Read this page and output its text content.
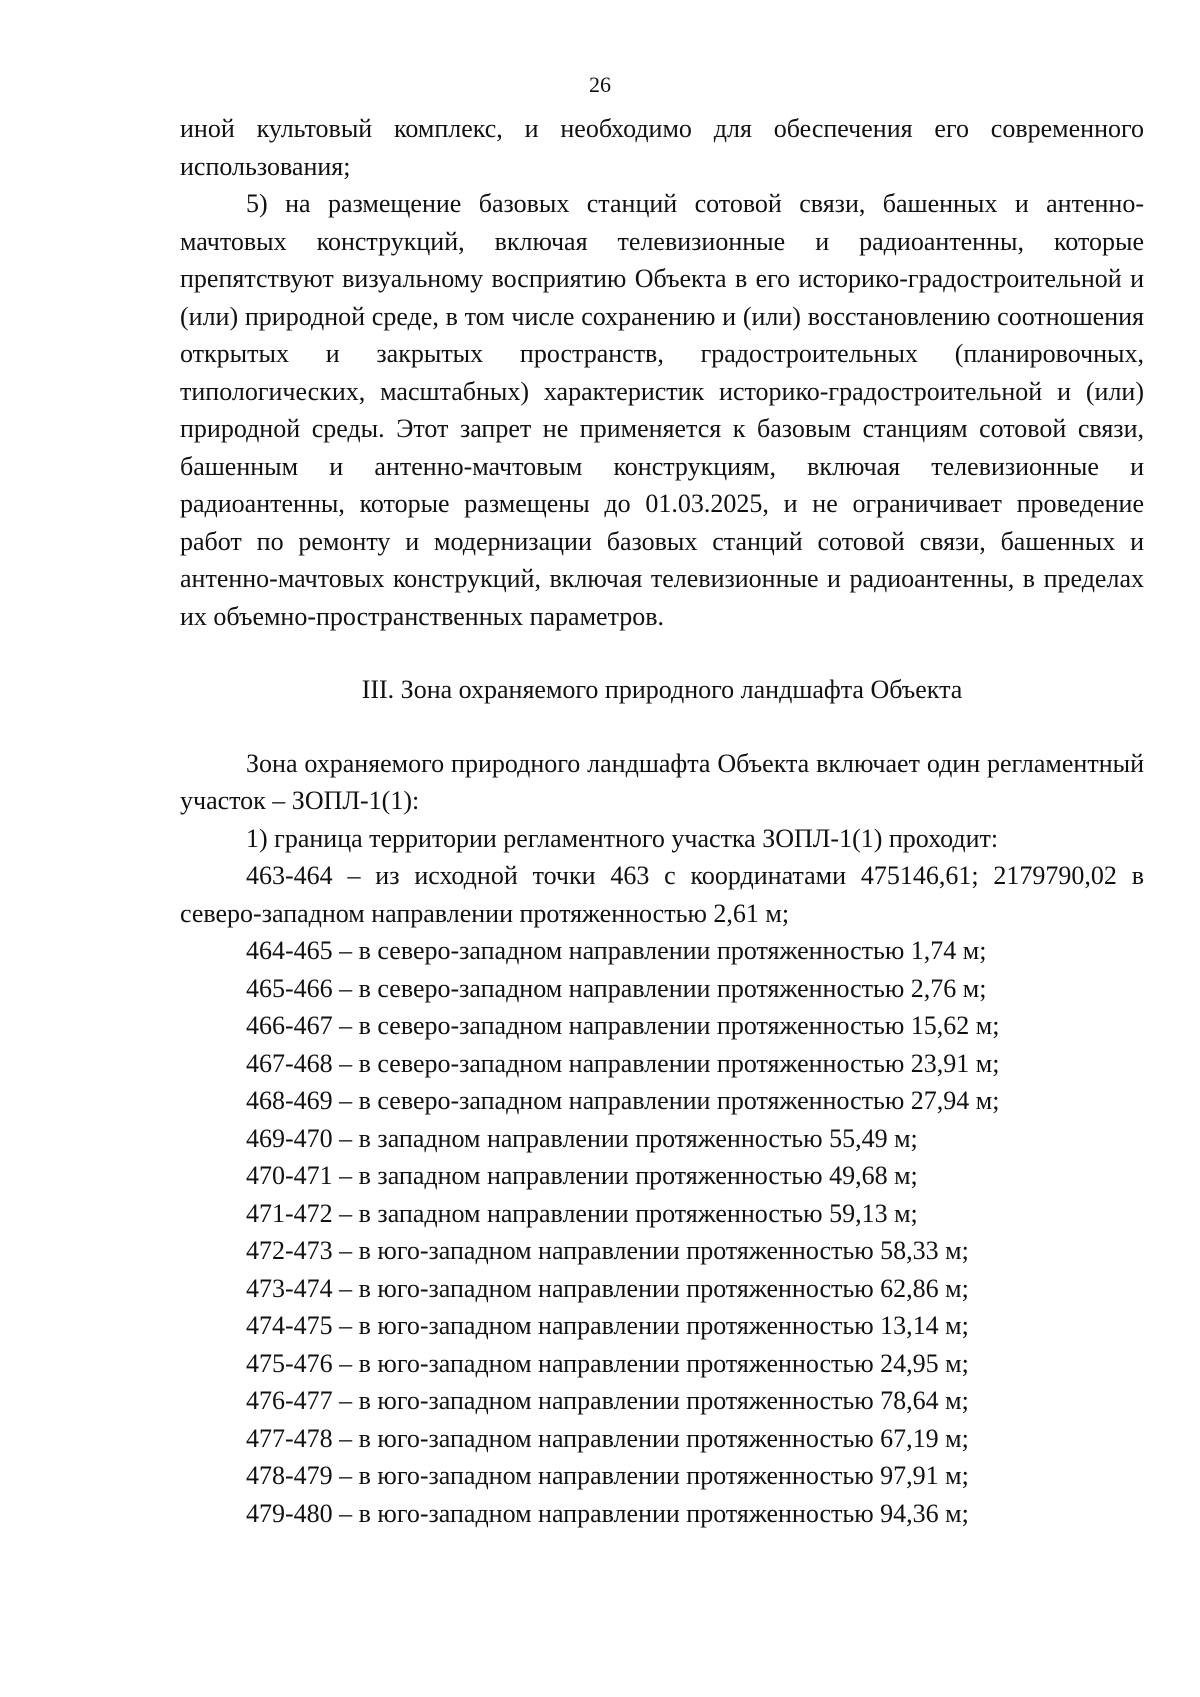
26

иной культовый комплекс, и необходимо для обеспечения его современного использования;

5) на размещение базовых станций сотовой связи, башенных и антенно-мачтовых конструкций, включая телевизионные и радиоантенны, которые препятствуют визуальному восприятию Объекта в его историко-градостроительной и (или) природной среде, в том числе сохранению и (или) восстановлению соотношения открытых и закрытых пространств, градостроительных (планировочных, типологических, масштабных) характеристик историко-градостроительной и (или) природной среды. Этот запрет не применяется к базовым станциям сотовой связи, башенным и антенно-мачтовым конструкциям, включая телевизионные и радиоантенны, которые размещены до 01.03.2025, и не ограничивает проведение работ по ремонту и модернизации базовых станций сотовой связи, башенных и антенно-мачтовых конструкций, включая телевизионные и радиоантенны, в пределах их объемно-пространственных параметров.

III. Зона охраняемого природного ландшафта Объекта

Зона охраняемого природного ландшафта Объекта включает один регламентный участок – ЗОПЛ-1(1):

1) граница территории регламентного участка ЗОПЛ-1(1) проходит:

463-464 – из исходной точки 463 с координатами 475146,61; 2179790,02 в северо-западном направлении протяженностью 2,61 м;

464-465 – в северо-западном направлении протяженностью 1,74 м;
465-466 – в северо-западном направлении протяженностью 2,76 м;
466-467 – в северо-западном направлении протяженностью 15,62 м;
467-468 – в северо-западном направлении протяженностью 23,91 м;
468-469 – в северо-западном направлении протяженностью 27,94 м;
469-470 – в западном направлении протяженностью 55,49 м;
470-471 – в западном направлении протяженностью 49,68 м;
471-472 – в западном направлении протяженностью 59,13 м;
472-473 – в юго-западном направлении протяженностью 58,33 м;
473-474 – в юго-западном направлении протяженностью 62,86 м;
474-475 – в юго-западном направлении протяженностью 13,14 м;
475-476 – в юго-западном направлении протяженностью 24,95 м;
476-477 – в юго-западном направлении протяженностью 78,64 м;
477-478 – в юго-западном направлении протяженностью 67,19 м;
478-479 – в юго-западном направлении протяженностью 97,91 м;
479-480 – в юго-западном направлении протяженностью 94,36 м;
